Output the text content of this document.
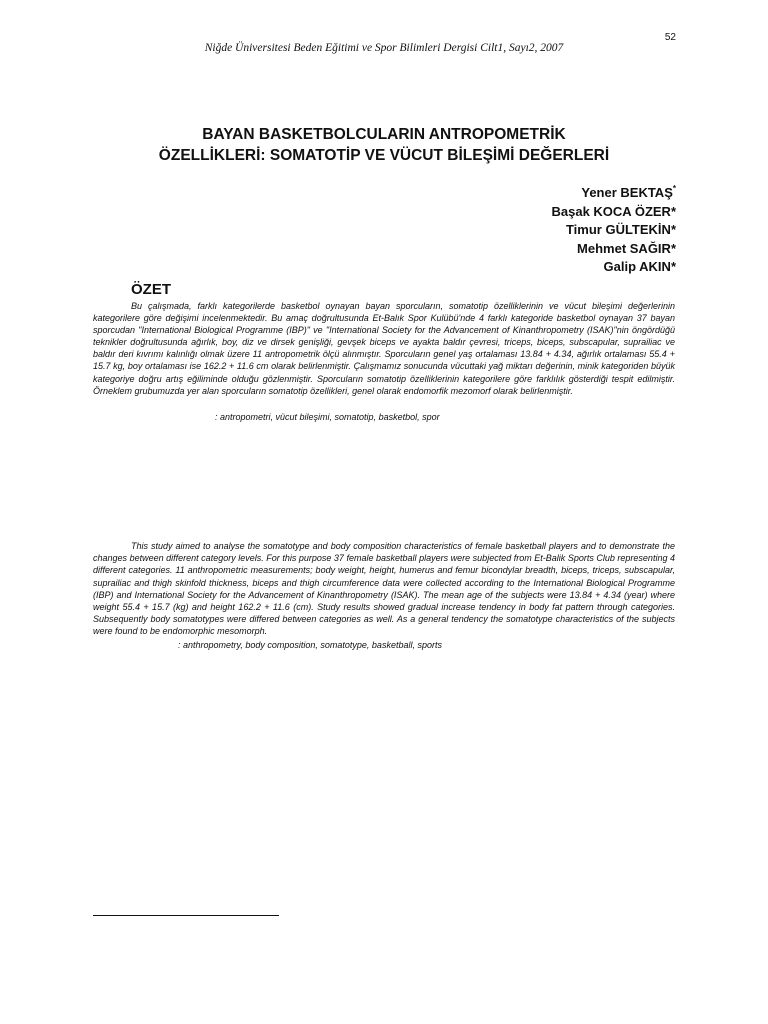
52
Niğde Üniversitesi Beden Eğitimi ve Spor Bilimleri Dergisi Cilt1, Sayı2, 2007
BAYAN BASKETBOLCULARIN ANTROPOMETRİK
ÖZELLİKLERİ: SOMATOTİP VE VÜCUT BİLEŞİMİ DEĞERLERİ
Yener BEKTAŞ*
Başak KOCA ÖZER*
Timur GÜLTEKİN*
Mehmet SAĞIR*
Galip AKIN*
ÖZET

Bu çalışmada, farklı kategorilerde basketbol oynayan bayan sporcuların, somatotip özelliklerinin ve vücut bileşimi değerlerinin kategorilere göre değişimi incelenmektedir. Bu amaç doğrultusunda Et-Balık Spor Kulübü'nde 4 farklı kategoride basketbol oynayan 37 bayan sporcudan "International Biological Programme (IBP)" ve "International Society for the Advancement of Kinanthropometry (ISAK)"nin öngördüğü teknikler doğrultusunda ağırlık, boy, diz ve dirsek genişliği, gevşek biceps ve ayakta baldır çevresi, triceps, biceps, subscapular, suprailiac ve baldır deri kıvrımı kalınlığı olmak üzere 11 antropometrik ölçü alınmıştır. Sporcuların genel yaş ortalaması 13.84 + 4.34, ağırlık ortalaması 55.4 + 15.7 kg, boy ortalaması ise 162.2 + 11.6 cm olarak belirlenmiştir. Çalışmamız sonucunda vücuttaki yağ miktarı değerinin, minik kategoriden büyük kategoriye doğru artış eğiliminde olduğu gözlenmiştir. Sporcuların somatotip özelliklerinin kategorilere göre farklılık gösterdiği tespit edilmiştir. Örneklem grubumuzda yer alan sporcuların somatotip özellikleri, genel olarak endomorfik mezomorf olarak belirlenmiştir.

: antropometri, vücut bileşimi, somatotip, basketbol, spor

This study aimed to analyse the somatotype and body composition characteristics of female basketball players and to demonstrate the changes between different category levels. For this purpose 37 female basketball players were subjected from Et-Balik Sports Club representing 4 different categories. 11 anthropometric measurements; body weight, height, humerus and femur bicondylar breadth, biceps, triceps, subscapular, suprailiac and thigh skinfold thickness, biceps and thigh circumference data were collected according to the International Biological Programme (IBP) and International Society for the Advancement of Kinanthropometry (ISAK). The mean age of the subjects were 13.84 + 4.34 (year) where weight 55.4 + 15.7 (kg) and height 162.2 + 11.6 (cm). Study results showed gradual increase tendency in body fat pattern through categories. Subsequently body somatotypes were differed between categories as well. As a general tendency the somatotype characteristics of the subjects were found to be endomorphic mesomorph.

: anthropometry, body composition, somatotype, basketball, sports
